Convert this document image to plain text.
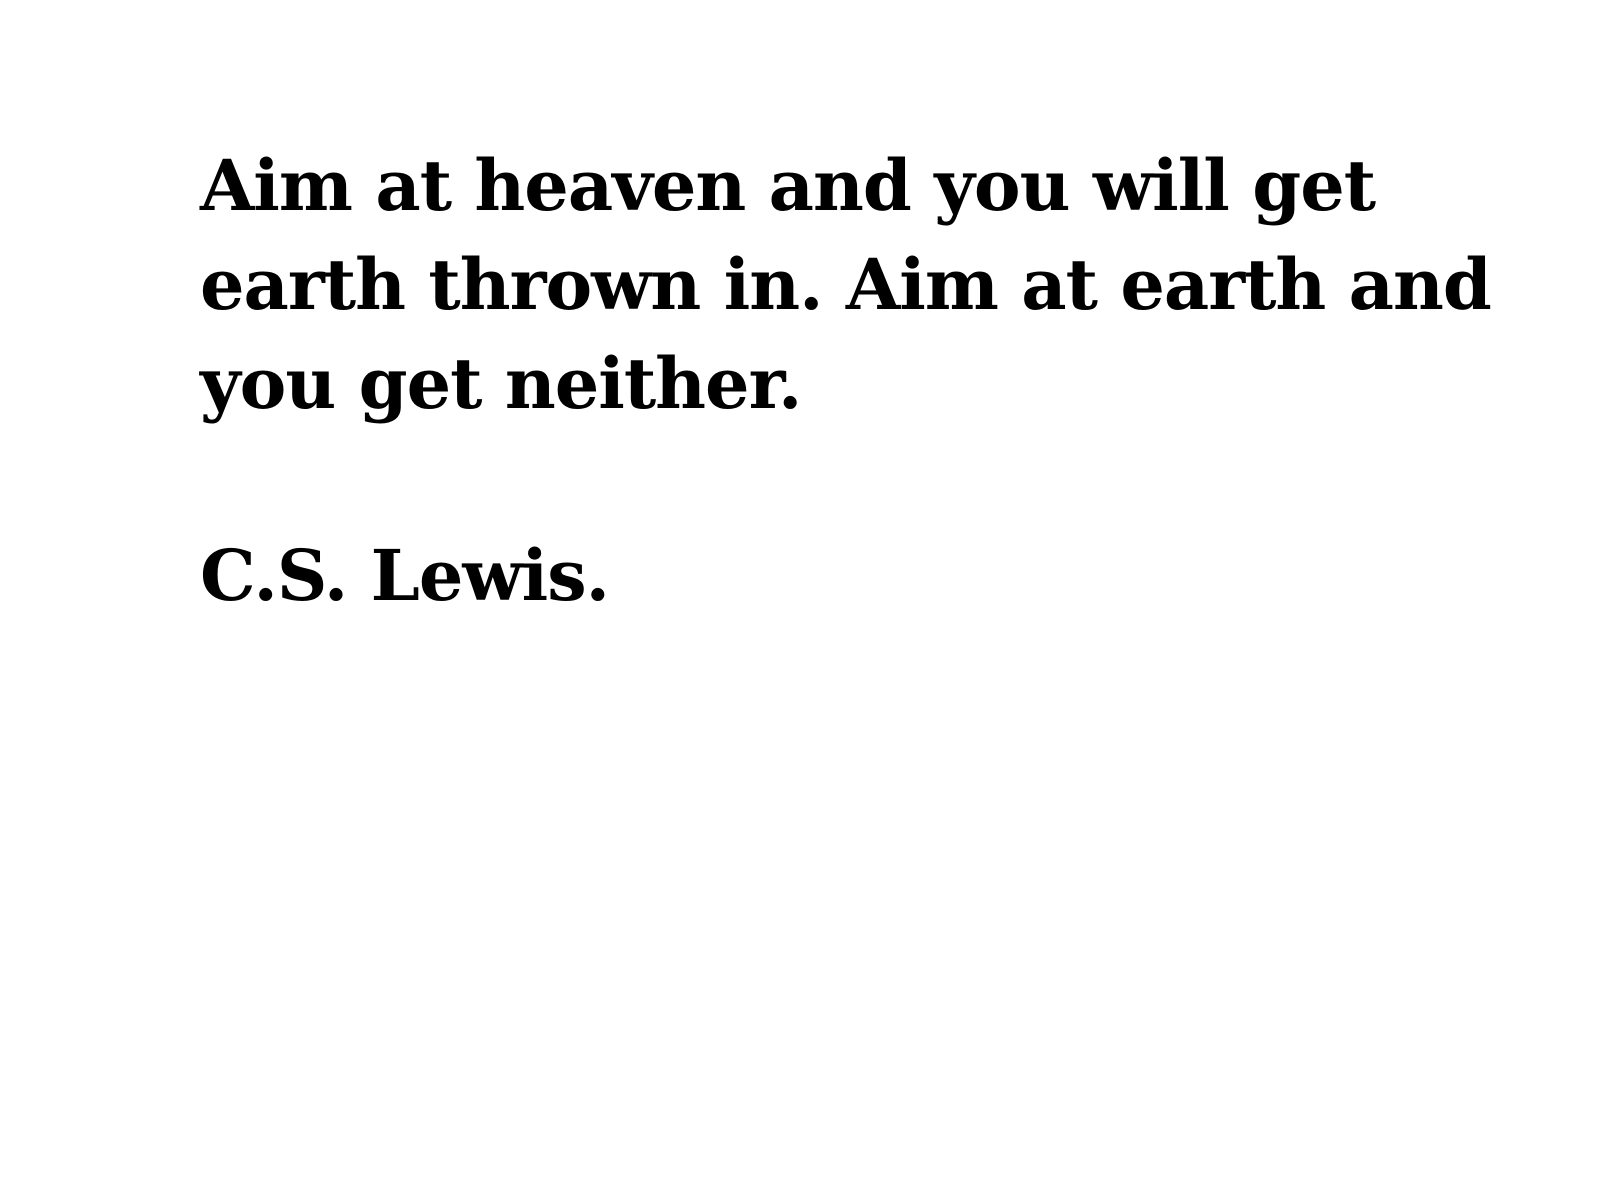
Aim at heaven and you will get
earth thrown in. Aim at earth and
you get neither.

C.S. Lewis.
